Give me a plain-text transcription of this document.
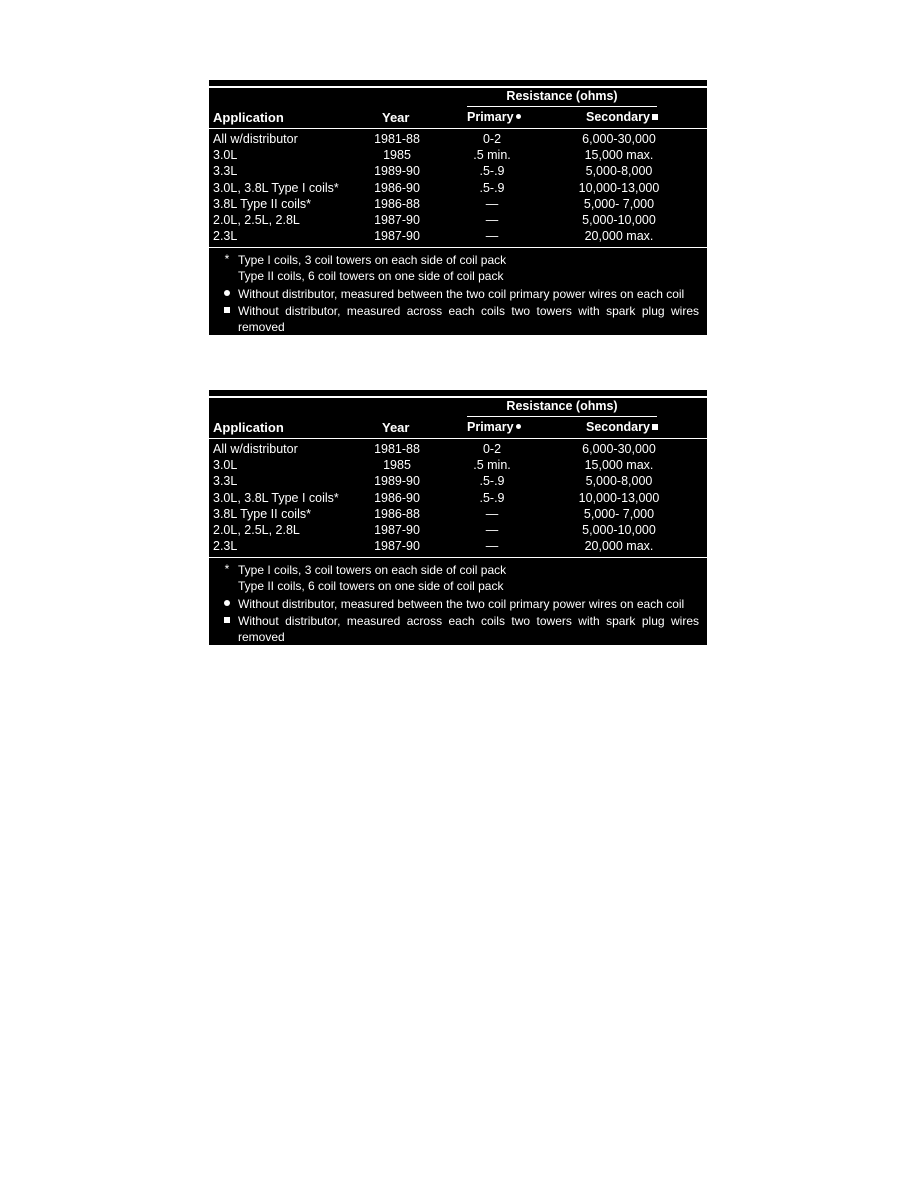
Resistance (ohms)
Application	Year	Primary	Secondary
All w/distributor	1981-88	0-2	6,000-30,000
3.0L	1985	.5 min.	15,000 max.
3.3L	1989-90	.5-.9	5,000-8,000
3.0L, 3.8L Type I coils*	1986-90	.5-.9	10,000-13,000
3.8L Type II coils*	1986-88	—	5,000- 7,000
2.0L, 2.5L, 2.8L	1987-90	—	5,000-10,000
2.3L	1987-90	—	20,000 max.
* Type I coils, 3 coil towers on each side of coil pack
Type II coils, 6 coil towers on one side of coil pack
Without distributor, measured between the two coil primary power wires on each coil
Without distributor, measured across each coils two towers with spark plug wires
removed
Resistance (ohms)
Application	Year	Primary	Secondary
All w/distributor	1981-88	0-2	6,000-30,000
3.0L	1985	.5 min.	15,000 max.
3.3L	1989-90	.5-.9	5,000-8,000
3.0L, 3.8L Type I coils*	1986-90	.5-.9	10,000-13,000
3.8L Type II coils*	1986-88	—	5,000- 7,000
2.0L, 2.5L, 2.8L	1987-90	—	5,000-10,000
2.3L	1987-90	—	20,000 max.
* Type I coils, 3 coil towers on each side of coil pack
Type II coils, 6 coil towers on one side of coil pack
Without distributor, measured between the two coil primary power wires on each coil
Without distributor, measured across each coils two towers with spark plug wires
removed
